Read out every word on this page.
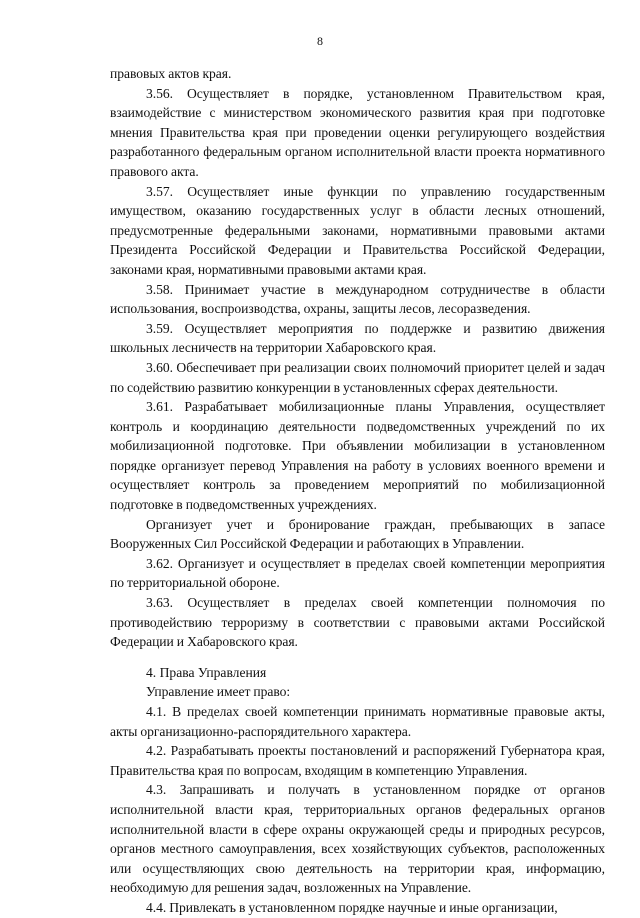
8

правовых актов края.

3.56. Осуществляет в порядке, установленном Правительством края, взаимодействие с министерством экономического развития края при подготовке мнения Правительства края при проведении оценки регулирующего воздействия разработанного федеральным органом исполнительной власти проекта нормативного правового акта.

3.57. Осуществляет иные функции по управлению государственным имуществом, оказанию государственных услуг в области лесных отношений, предусмотренные федеральными законами, нормативными правовыми актами Президента Российской Федерации и Правительства Российской Федерации, законами края, нормативными правовыми актами края.

3.58. Принимает участие в международном сотрудничестве в области использования, воспроизводства, охраны, защиты лесов, лесоразведения.

3.59. Осуществляет мероприятия по поддержке и развитию движения школьных лесничеств на территории Хабаровского края.

3.60. Обеспечивает при реализации своих полномочий приоритет целей и задач по содействию развитию конкуренции в установленных сферах деятельности.

3.61. Разрабатывает мобилизационные планы Управления, осуществляет контроль и координацию деятельности подведомственных учреждений по их мобилизационной подготовке. При объявлении мобилизации в установленном порядке организует перевод Управления на работу в условиях военного времени и осуществляет контроль за проведением мероприятий по мобилизационной подготовке в подведомственных учреждениях.

Организует учет и бронирование граждан, пребывающих в запасе Вооруженных Сил Российской Федерации и работающих в Управлении.

3.62. Организует и осуществляет в пределах своей компетенции мероприятия по территориальной обороне.

3.63. Осуществляет в пределах своей компетенции полномочия по противодействию терроризму в соответствии с правовыми актами Российской Федерации и Хабаровского края.

4. Права Управления

Управление имеет право:

4.1. В пределах своей компетенции принимать нормативные правовые акты, акты организационно-распорядительного характера.

4.2. Разрабатывать проекты постановлений и распоряжений Губернатора края, Правительства края по вопросам, входящим в компетенцию Управления.

4.3. Запрашивать и получать в установленном порядке от органов исполнительной власти края, территориальных органов федеральных органов исполнительной власти в сфере охраны окружающей среды и природных ресурсов, органов местного самоуправления, всех хозяйствующих субъектов, расположенных или осуществляющих свою деятельность на территории края, информацию, необходимую для решения задач, возложенных на Управление.

4.4. Привлекать в установленном порядке научные и иные организации,
